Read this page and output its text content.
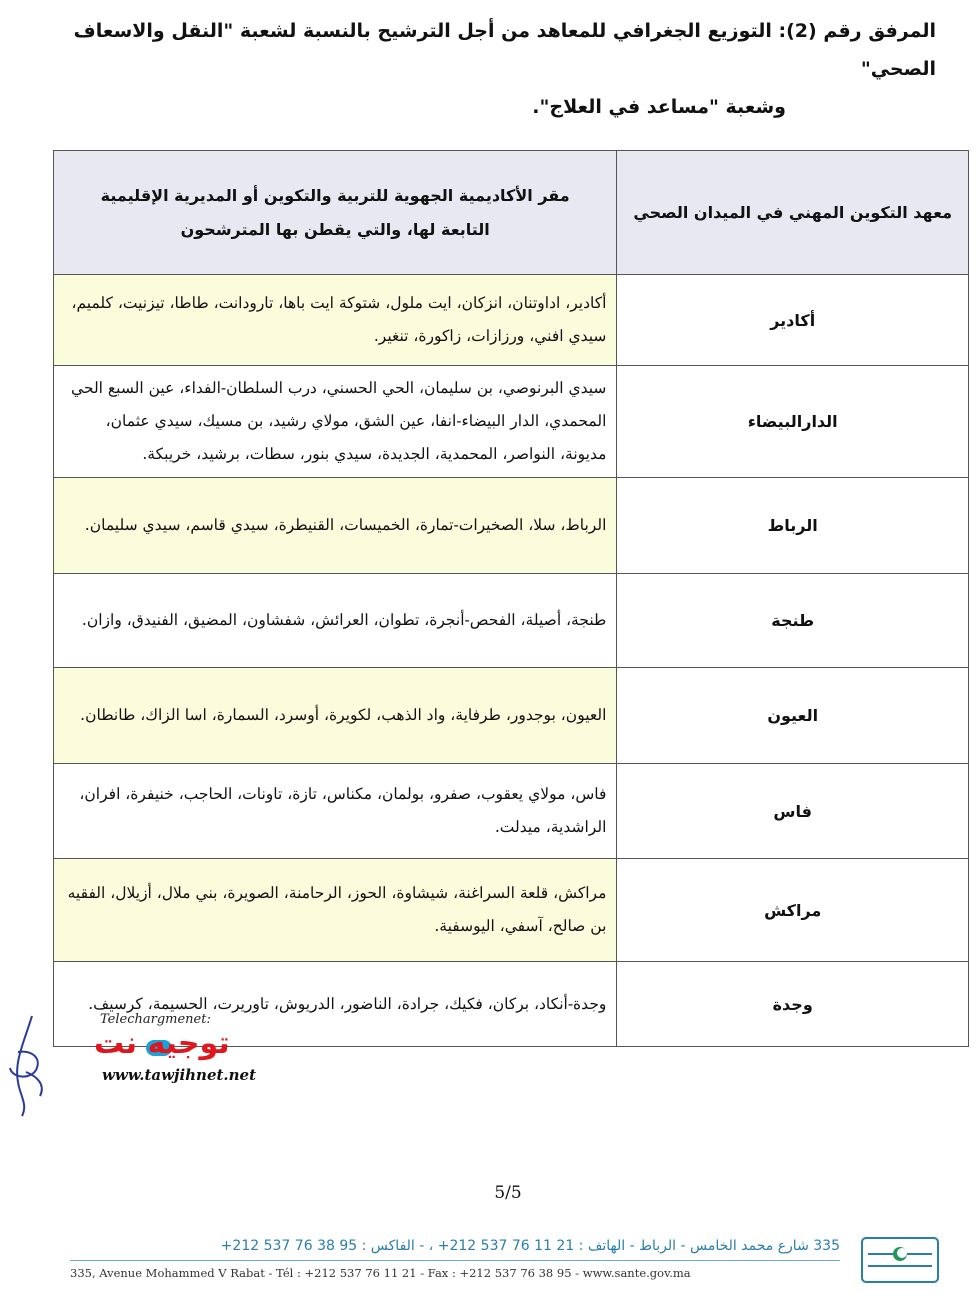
المرفق رقم (2): التوزيع الجغرافي للمعاهد من أجل الترشيح بالنسبة لشعبة "النقل والاسعاف الصحي"
وشعبة "مساعد في العلاج".
معهد التكوين المهني في الميدان الصحي	مقر الأكاديمية الجهوية للتربية والتكوين أو المديرية الإقليمية التابعة لها، والتي يقطن بها المترشحون
أكادير	أكادير، اداوتنان، انزكان، ايت ملول، شتوكة ايت باها، تارودانت، طاطا، تيزنيت، كلميم، سيدي افني، ورزازات، زاكورة، تنغير.
الدارالبيضاء	سيدي البرنوصي، بن سليمان، الحي الحسني، درب السلطان-الفداء، عين السبع الحي المحمدي، الدار البيضاء-انفا، عين الشق، مولاي رشيد، بن مسيك، سيدي عثمان، مديونة، النواصر، المحمدية، الجديدة، سيدي بنور، سطات، برشيد، خريبكة.
الرباط	الرباط، سلا، الصخيرات-تمارة، الخميسات، القنيطرة، سيدي قاسم، سيدي سليمان.
طنجة	طنجة، أصيلة، الفحص-أنجرة، تطوان، العرائش، شفشاون، المضيق، الفنيدق، وازان.
العيون	العيون، بوجدور، طرفاية، واد الذهب، لكويرة، أوسرد، السمارة، اسا الزاك، طانطان.
فاس	فاس، مولاي يعقوب، صفرو، بولمان، مكناس، تازة، تاونات، الحاجب، خنيفرة، افران، الراشدية، ميدلت.
مراكش	مراكش، قلعة السراغنة، شيشاوة، الحوز، الرحامنة، الصويرة، بني ملال، أزيلال، الفقيه بن صالح، آسفي، اليوسفية.
وجدة	وجدة-أنكاد، بركان، فكيك، جرادة، الناضور، الدريوش، تاوريرت، الحسيمة، كرسيف.
Telechargmenet:
توجيه نت
www.tawjihnet.net
5/5
335 شارع محمد الخامس - الرباط - الهاتف : 21 11 76 537 212+ ، - الفاكس : 95 38 76 537 212+
335, Avenue Mohammed V Rabat - Tél : +212 537 76 11 21 - Fax : +212 537 76 38 95 - www.sante.gov.ma
